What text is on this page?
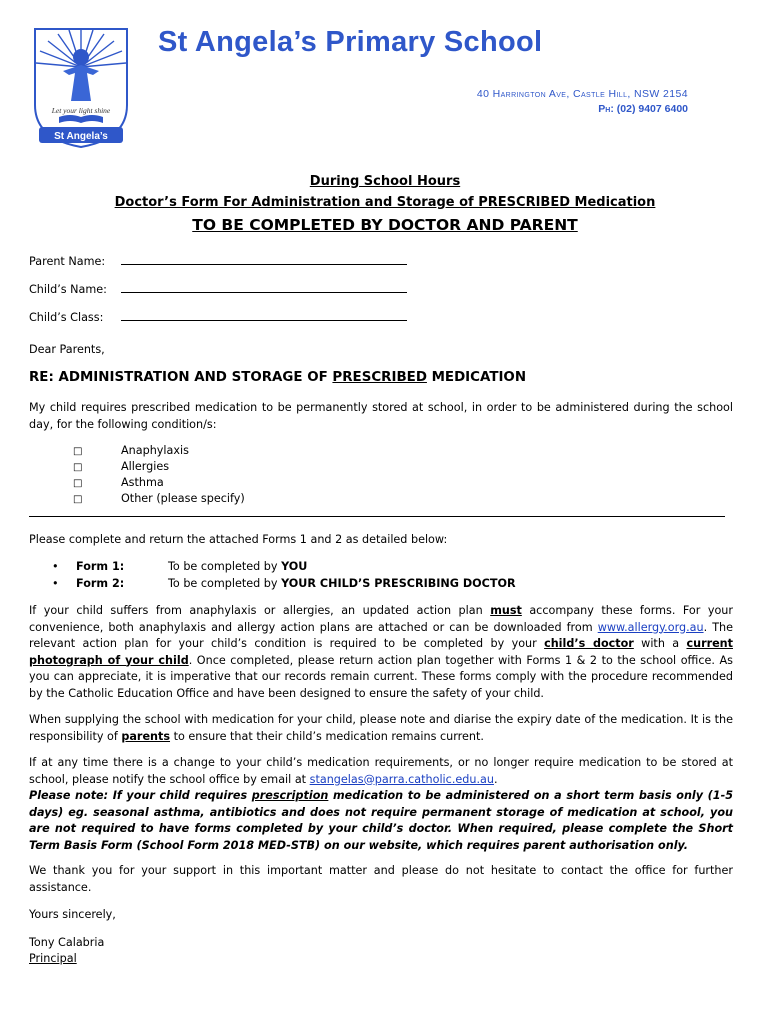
Let your light shine
St Angela’s
St Angela’s Primary School
40 Harrington Ave, Castle Hill, NSW 2154
Ph: (02) 9407 6400
During School Hours
Doctor’s Form For Administration and Storage of PRESCRIBED Medication
TO BE COMPLETED BY DOCTOR AND PARENT
Parent Name:
Child’s Name:
Child’s Class:
Dear Parents,
RE: ADMINISTRATION AND STORAGE OF PRESCRIBED MEDICATION
My child requires prescribed medication to be permanently stored at school, in order to be administered during the school day, for the following condition/s:
□	Anaphylaxis
□	Allergies
□	Asthma
□	Other (please specify)
Please complete and return the attached Forms 1 and 2 as detailed below:
• Form 1:	To be completed by YOU
• Form 2:	To be completed by YOUR CHILD’S PRESCRIBING DOCTOR
If your child suffers from anaphylaxis or allergies, an updated action plan must accompany these forms. For your convenience, both anaphylaxis and allergy action plans are attached or can be downloaded from www.allergy.org.au. The relevant action plan for your child’s condition is required to be completed by your child’s doctor with a current photograph of your child. Once completed, please return action plan together with Forms 1 & 2 to the school office. As you can appreciate, it is imperative that our records remain current. These forms comply with the procedure recommended by the Catholic Education Office and have been designed to ensure the safety of your child.
When supplying the school with medication for your child, please note and diarise the expiry date of the medication. It is the responsibility of parents to ensure that their child’s medication remains current.
If at any time there is a change to your child’s medication requirements, or no longer require medication to be stored at school, please notify the school office by email at stangelas@parra.catholic.edu.au.
Please note: If your child requires prescription medication to be administered on a short term basis only (1-5 days) eg. seasonal asthma, antibiotics and does not require permanent storage of medication at school, you are not required to have forms completed by your child’s doctor. When required, please complete the Short Term Basis Form (School Form 2018 MED-STB) on our website, which requires parent authorisation only.
We thank you for your support in this important matter and please do not hesitate to contact the office for further assistance.
Yours sincerely,
Tony Calabria
Principal
